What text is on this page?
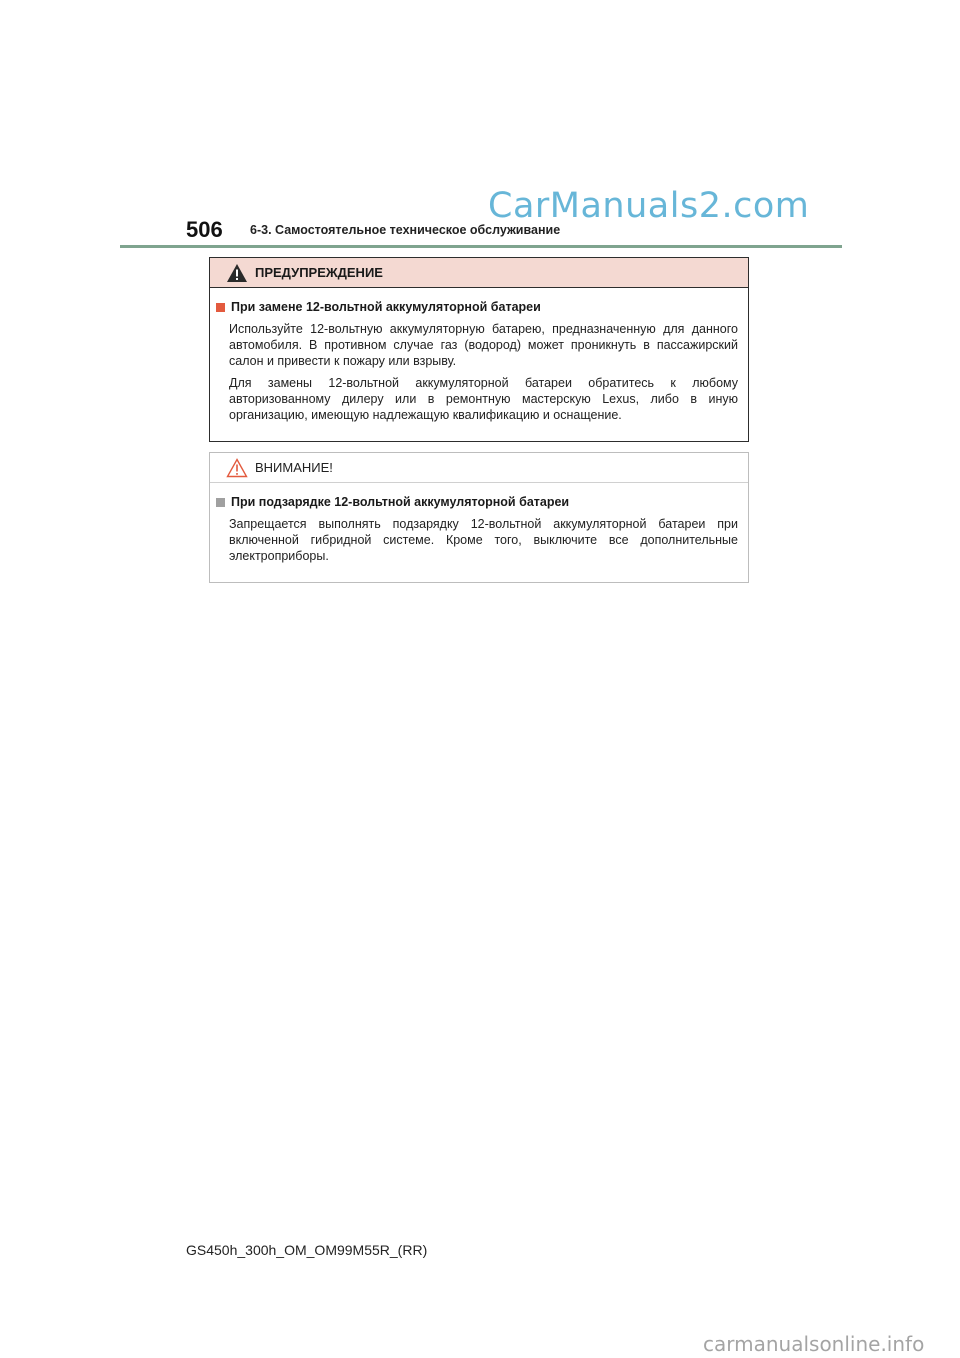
CarManuals2.com
506 6-3. Самостоятельное техническое обслуживание
ПРЕДУПРЕЖДЕНИЕ
При замене 12-вольтной аккумуляторной батареи

Используйте 12-вольтную аккумуляторную батарею, предназначенную для данного автомобиля. В противном случае газ (водород) может проникнуть в пассажирский салон и привести к пожару или взрыву.

Для замены 12-вольтной аккумуляторной батареи обратитесь к любому авторизованному дилеру или в ремонтную мастерскую Lexus, либо в иную организацию, имеющую надлежащую квалификацию и оснащение.

ВНИМАНИЕ!
При подзарядке 12-вольтной аккумуляторной батареи

Запрещается выполнять подзарядку 12-вольтной аккумуляторной батареи при включенной гибридной системе. Кроме того, выключите все дополнительные электроприборы.

GS450h_300h_OM_OM99M55R_(RR)
carmanualsonline.info
